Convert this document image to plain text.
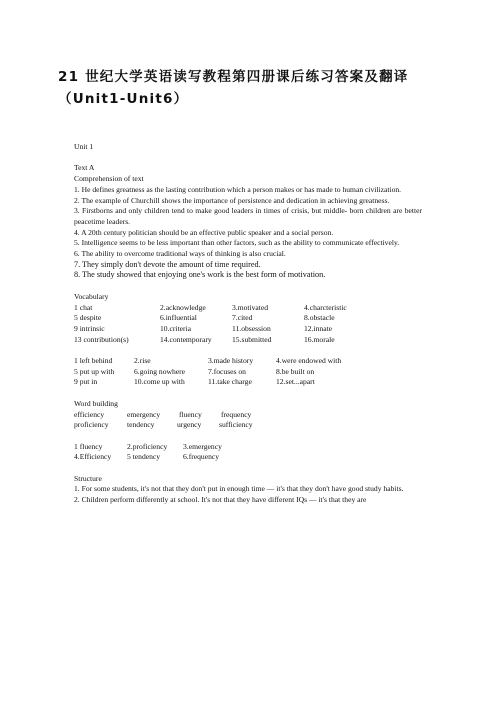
21 世纪大学英语读写教程第四册课后练习答案及翻译
（Unit1-Unit6）

Unit 1

Text A

Comprehension of text

1. He defines greatness as the lasting contribution which a person makes or has made to human civilization.

2. The example of Churchill shows the importance of persistence and dedication in achieving greatness.

3. Firstborns and only children tend to make good leaders in times of crisis, but middle- born children are better peacetime leaders.

4. A 20th century politician should be an effective public speaker and a social person.

5. Intelligence seems to be less important than other factors, such as the ability to communicate effectively.

6. The ability to overcome traditional ways of thinking is also crucial.

7. They simply don't devote the amount of time required.

8. The study showed that enjoying one's work is the best form of motivation.

Vocabulary

1 chat	2.acknowledge	3.motivated	4.charcteristic
5 despite	6.influential	7.cited	8.obstacle
9 intrinsic	10.criteria	11.obsession	12.innate
13 contribution(s)	14.contemporary	15.submitted	16.morale
1 left behind	2.rise	3.made history	4.were endowed with
5 put up with	6.going nowhere	7.focuses on	8.be built on
9 put in	10.come up with	11.take charge	12.set...apart

Word building

efficiency	emergency	fluency	frequency
proficiency	tendency	urgency	sufficiency
1 fluency	2.proficiency	3.emergency
4.Efficiency	5 tendency	6.frequency

Structure

1. For some students, it's not that they don't put in enough time — it's that they don't have good study habits.

2. Children perform differently at school. It's not that they have different IQs — it's that they are
